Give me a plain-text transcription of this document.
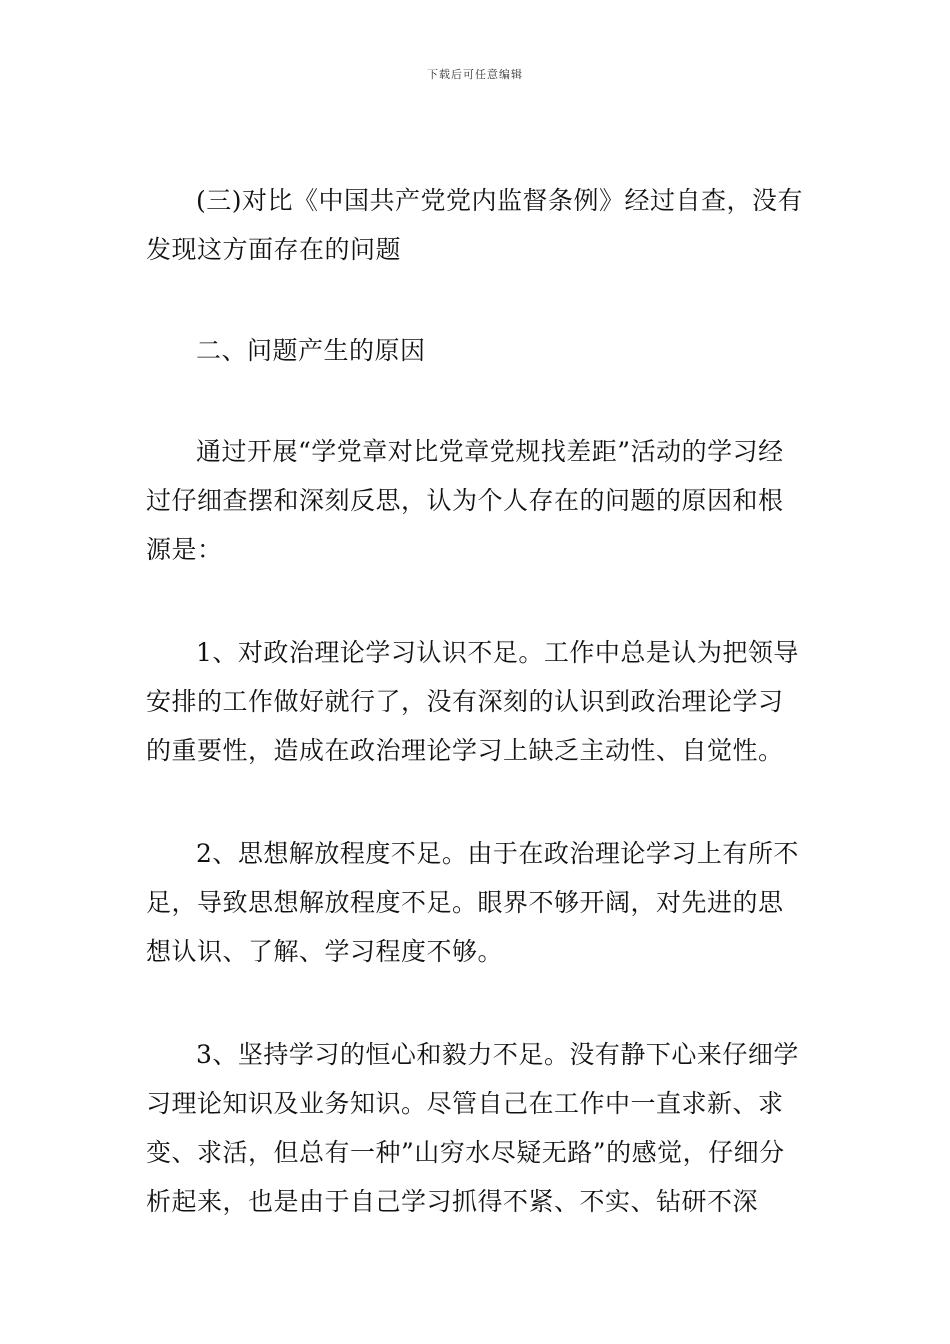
下载后可任意编辑

(三)对比《中国共产党党内监督条例》经过自查，没有发现这方面存在的问题

二、问题产生的原因

通过开展“学党章对比党章党规找差距”活动的学习经过仔细查摆和深刻反思，认为个人存在的问题的原因和根源是：

1、对政治理论学习认识不足。工作中总是认为把领导安排的工作做好就行了，没有深刻的认识到政治理论学习的重要性，造成在政治理论学习上缺乏主动性、自觉性。

2、思想解放程度不足。由于在政治理论学习上有所不足，导致思想解放程度不足。眼界不够开阔，对先进的思想认识、了解、学习程度不够。

3、坚持学习的恒心和毅力不足。没有静下心来仔细学习理论知识及业务知识。尽管自己在工作中一直求新、求变、求活，但总有一种”山穷水尽疑无路”的感觉，仔细分析起来，也是由于自己学习抓得不紧、不实、钻研不深
